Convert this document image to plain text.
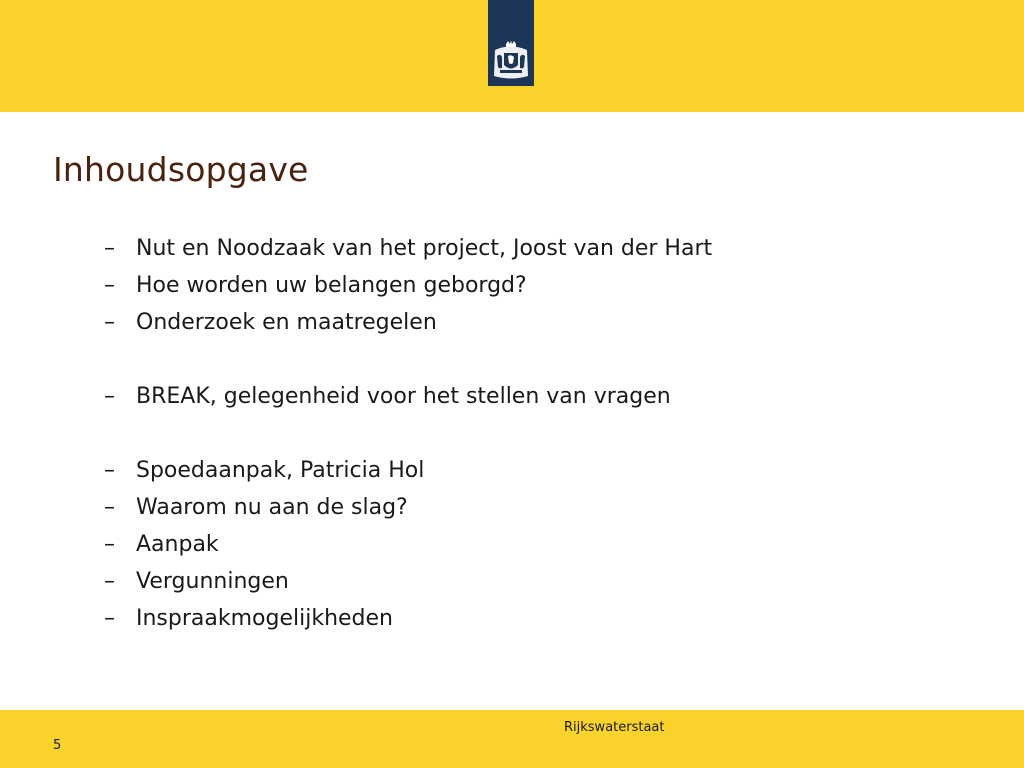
Inhoudsopgave
– Nut en Noodzaak van het project, Joost van der Hart
– Hoe worden uw belangen geborgd?
– Onderzoek en maatregelen
– BREAK, gelegenheid voor het stellen van vragen
– Spoedaanpak, Patricia Hol
– Waarom nu aan de slag?
– Aanpak
– Vergunningen
– Inspraakmogelijkheden
Rijkswaterstaat
5
